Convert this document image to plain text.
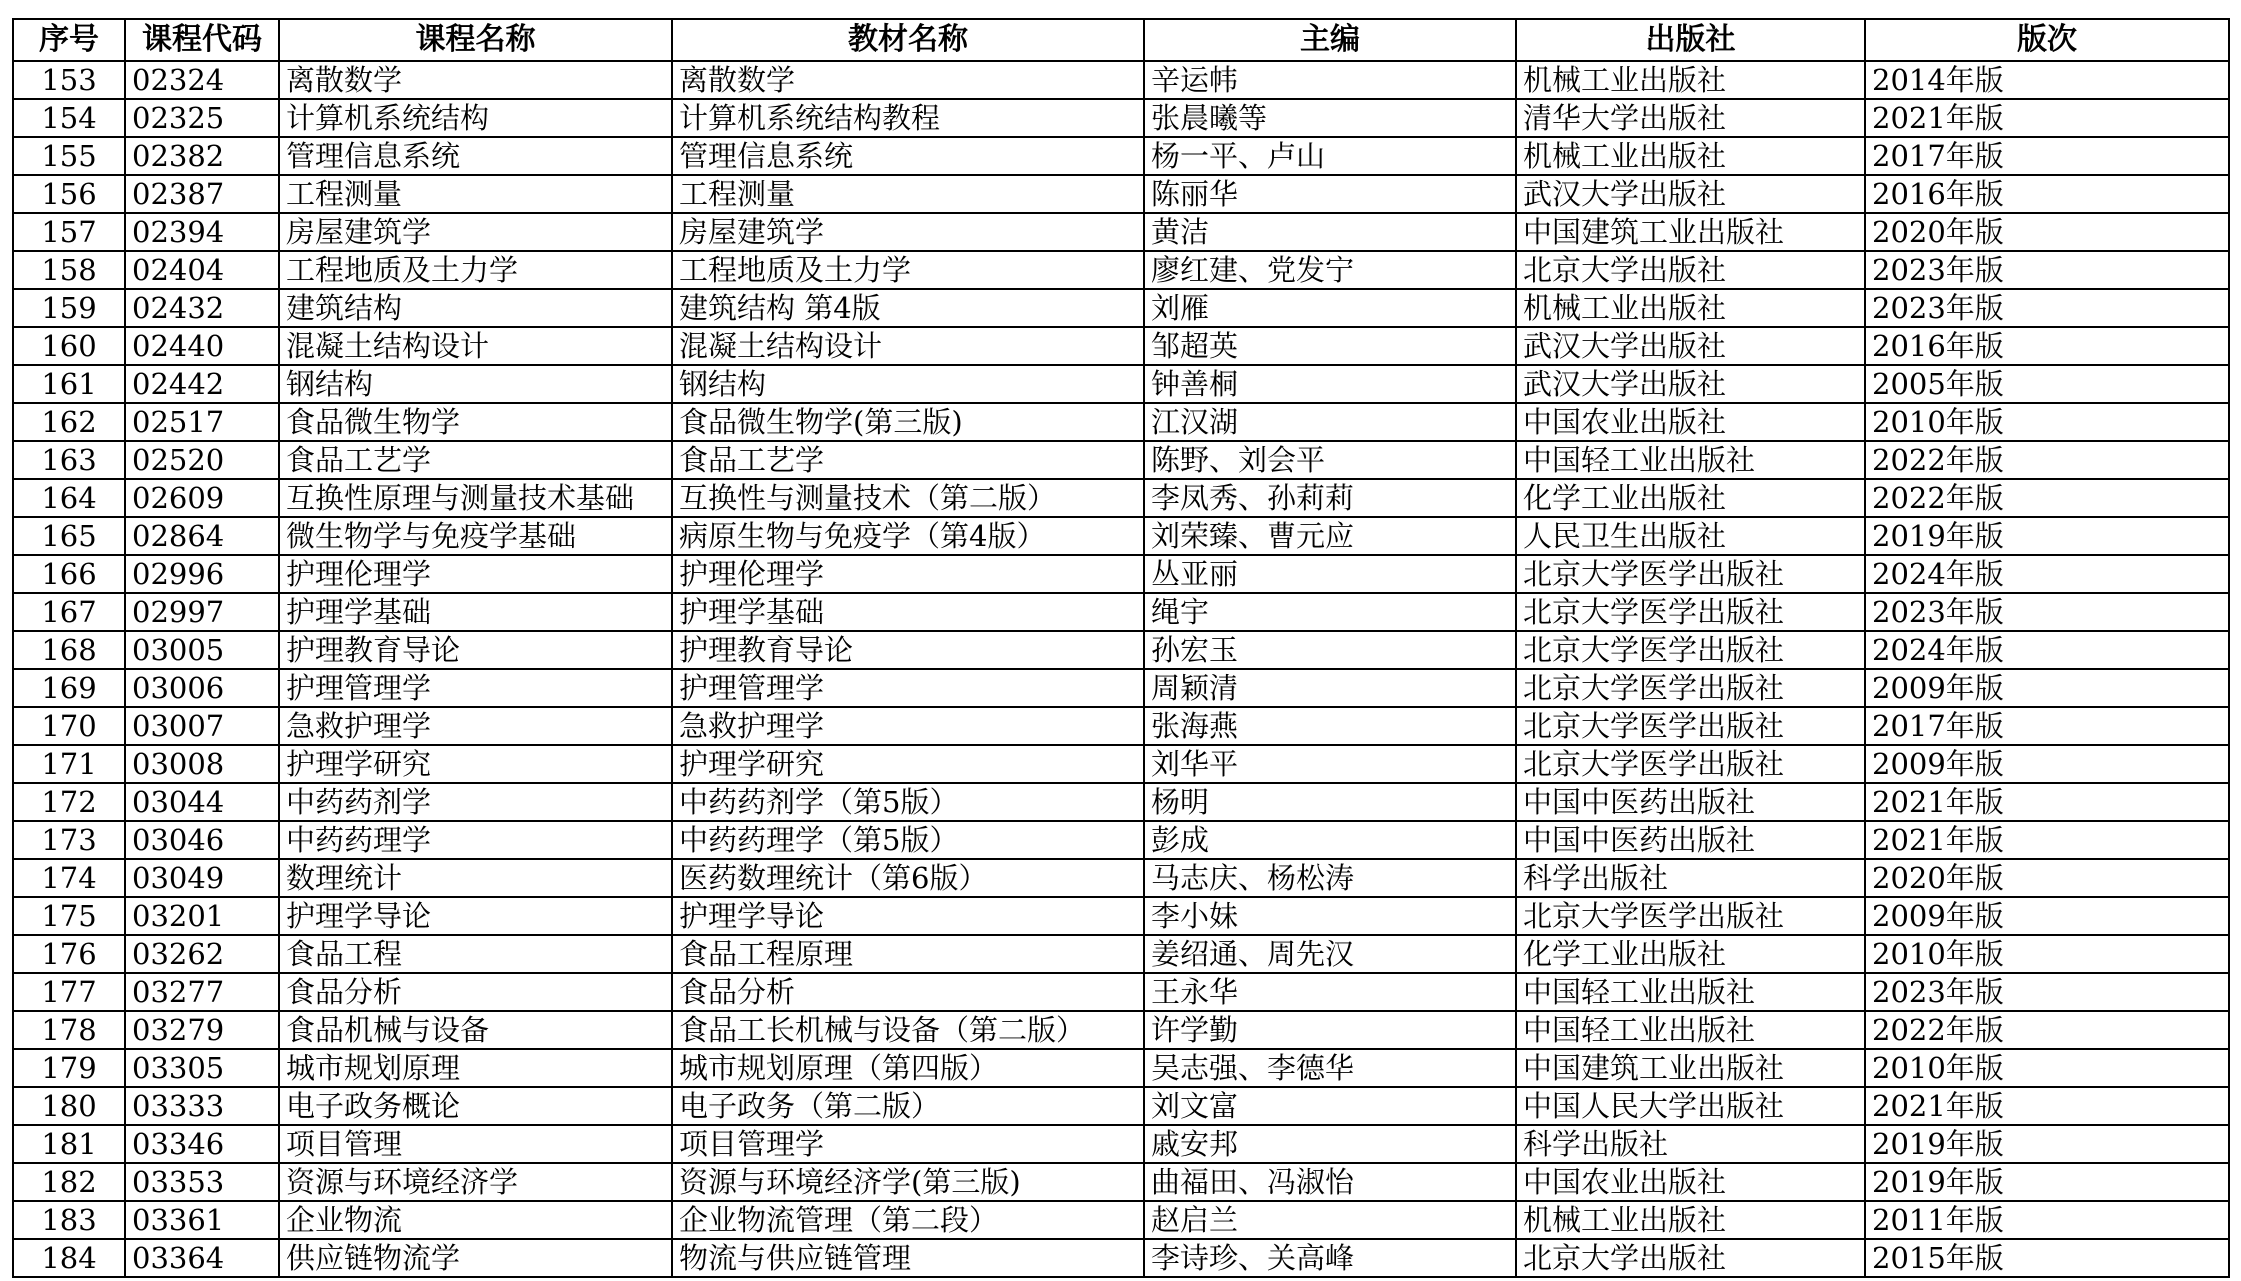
序号	课程代码	课程名称	教材名称	主编	出版社	版次
153	02324	离散数学	离散数学	辛运帏	机械工业出版社	2014年版
154	02325	计算机系统结构	计算机系统结构教程	张晨曦等	清华大学出版社	2021年版
155	02382	管理信息系统	管理信息系统	杨一平、卢山	机械工业出版社	2017年版
156	02387	工程测量	工程测量	陈丽华	武汉大学出版社	2016年版
157	02394	房屋建筑学	房屋建筑学	黄洁	中国建筑工业出版社	2020年版
158	02404	工程地质及土力学	工程地质及土力学	廖红建、党发宁	北京大学出版社	2023年版
159	02432	建筑结构	建筑结构 第4版	刘雁	机械工业出版社	2023年版
160	02440	混凝土结构设计	混凝土结构设计	邹超英	武汉大学出版社	2016年版
161	02442	钢结构	钢结构	钟善桐	武汉大学出版社	2005年版
162	02517	食品微生物学	食品微生物学(第三版)	江汉湖	中国农业出版社	2010年版
163	02520	食品工艺学	食品工艺学	陈野、刘会平	中国轻工业出版社	2022年版
164	02609	互换性原理与测量技术基础	互换性与测量技术（第二版）	李凤秀、孙莉莉	化学工业出版社	2022年版
165	02864	微生物学与免疫学基础	病原生物与免疫学（第4版）	刘荣臻、曹元应	人民卫生出版社	2019年版
166	02996	护理伦理学	护理伦理学	丛亚丽	北京大学医学出版社	2024年版
167	02997	护理学基础	护理学基础	绳宇	北京大学医学出版社	2023年版
168	03005	护理教育导论	护理教育导论	孙宏玉	北京大学医学出版社	2024年版
169	03006	护理管理学	护理管理学	周颖清	北京大学医学出版社	2009年版
170	03007	急救护理学	急救护理学	张海燕	北京大学医学出版社	2017年版
171	03008	护理学研究	护理学研究	刘华平	北京大学医学出版社	2009年版
172	03044	中药药剂学	中药药剂学（第5版）	杨明	中国中医药出版社	2021年版
173	03046	中药药理学	中药药理学（第5版）	彭成	中国中医药出版社	2021年版
174	03049	数理统计	医药数理统计（第6版）	马志庆、杨松涛	科学出版社	2020年版
175	03201	护理学导论	护理学导论	李小妹	北京大学医学出版社	2009年版
176	03262	食品工程	食品工程原理	姜绍通、周先汉	化学工业出版社	2010年版
177	03277	食品分析	食品分析	王永华	中国轻工业出版社	2023年版
178	03279	食品机械与设备	食品工长机械与设备（第二版）	许学勤	中国轻工业出版社	2022年版
179	03305	城市规划原理	城市规划原理（第四版）	吴志强、李德华	中国建筑工业出版社	2010年版
180	03333	电子政务概论	电子政务（第二版）	刘文富	中国人民大学出版社	2021年版
181	03346	项目管理	项目管理学	戚安邦	科学出版社	2019年版
182	03353	资源与环境经济学	资源与环境经济学(第三版)	曲福田、冯淑怡	中国农业出版社	2019年版
183	03361	企业物流	企业物流管理（第二段）	赵启兰	机械工业出版社	2011年版
184	03364	供应链物流学	物流与供应链管理	李诗珍、关高峰	北京大学出版社	2015年版
